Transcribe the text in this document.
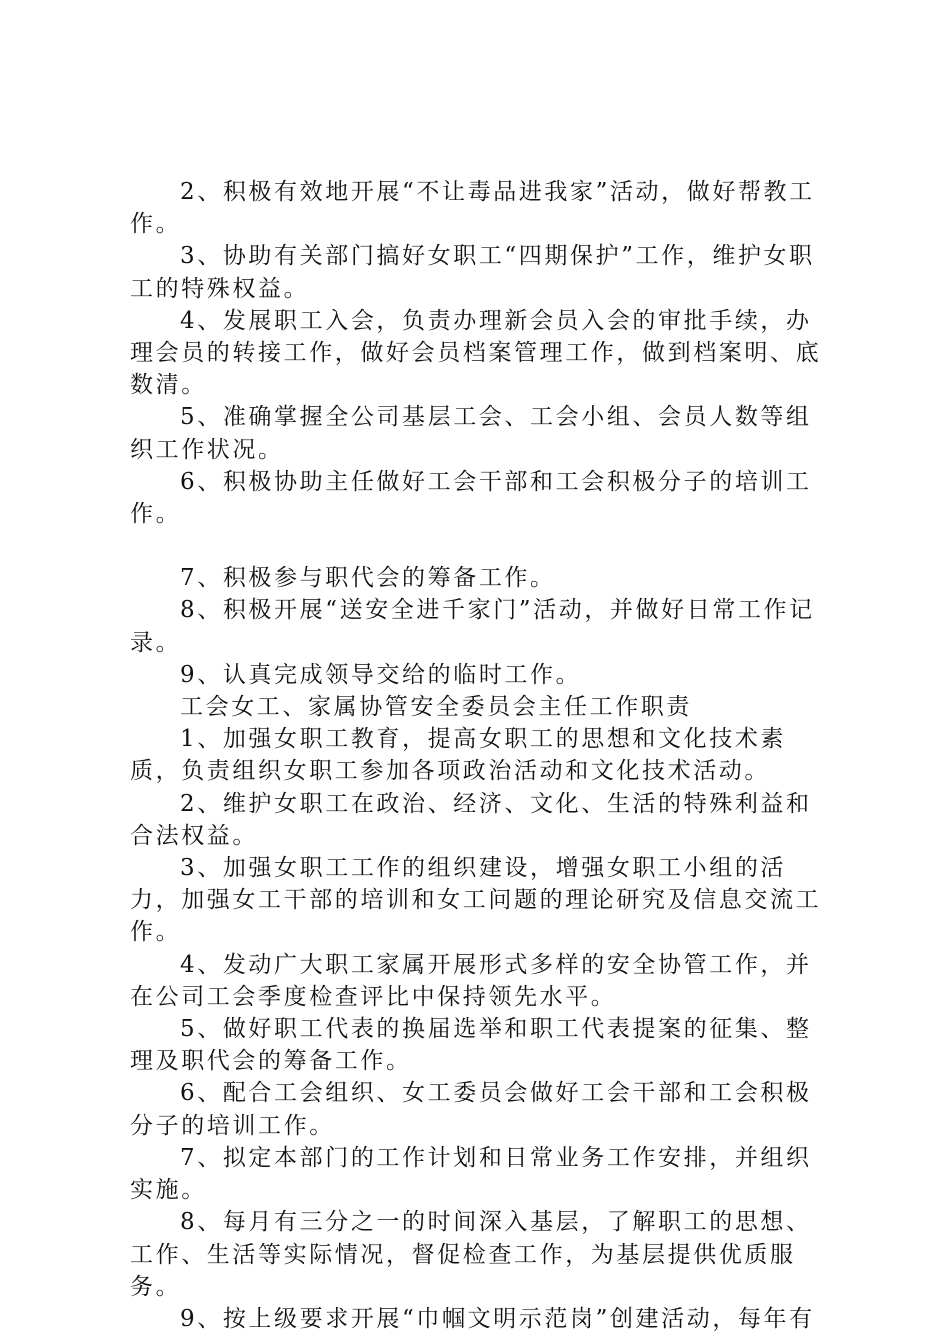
2、积极有效地开展“不让毒品进我家”活动，做好帮教工作。

3、协助有关部门搞好女职工“四期保护”工作，维护女职工的特殊权益。

4、发展职工入会，负责办理新会员入会的审批手续，办理会员的转接工作，做好会员档案管理工作，做到档案明、底数清。

5、准确掌握全公司基层工会、工会小组、会员人数等组织工作状况。

6、积极协助主任做好工会干部和工会积极分子的培训工作。

7、积极参与职代会的筹备工作。

8、积极开展“送安全进千家门”活动，并做好日常工作记录。

9、认真完成领导交给的临时工作。

工会女工、家属协管安全委员会主任工作职责

1、加强女职工教育，提高女职工的思想和文化技术素质，负责组织女职工参加各项政治活动和文化技术活动。

2、维护女职工在政治、经济、文化、生活的特殊利益和合法权益。

3、加强女职工工作的组织建设，增强女职工小组的活力，加强女工干部的培训和女工问题的理论研究及信息交流工作。

4、发动广大职工家属开展形式多样的安全协管工作，并在公司工会季度检查评比中保持领先水平。

5、做好职工代表的换届选举和职工代表提案的征集、整理及职代会的筹备工作。

6、配合工会组织、女工委员会做好工会干部和工会积极分子的培训工作。

7、拟定本部门的工作计划和日常业务工作安排，并组织实施。

8、每月有三分之一的时间深入基层，了解职工的思想、工作、生活等实际情况，督促检查工作，为基层提供优质服务。

9、按上级要求开展“巾帼文明示范岗”创建活动，每年有
